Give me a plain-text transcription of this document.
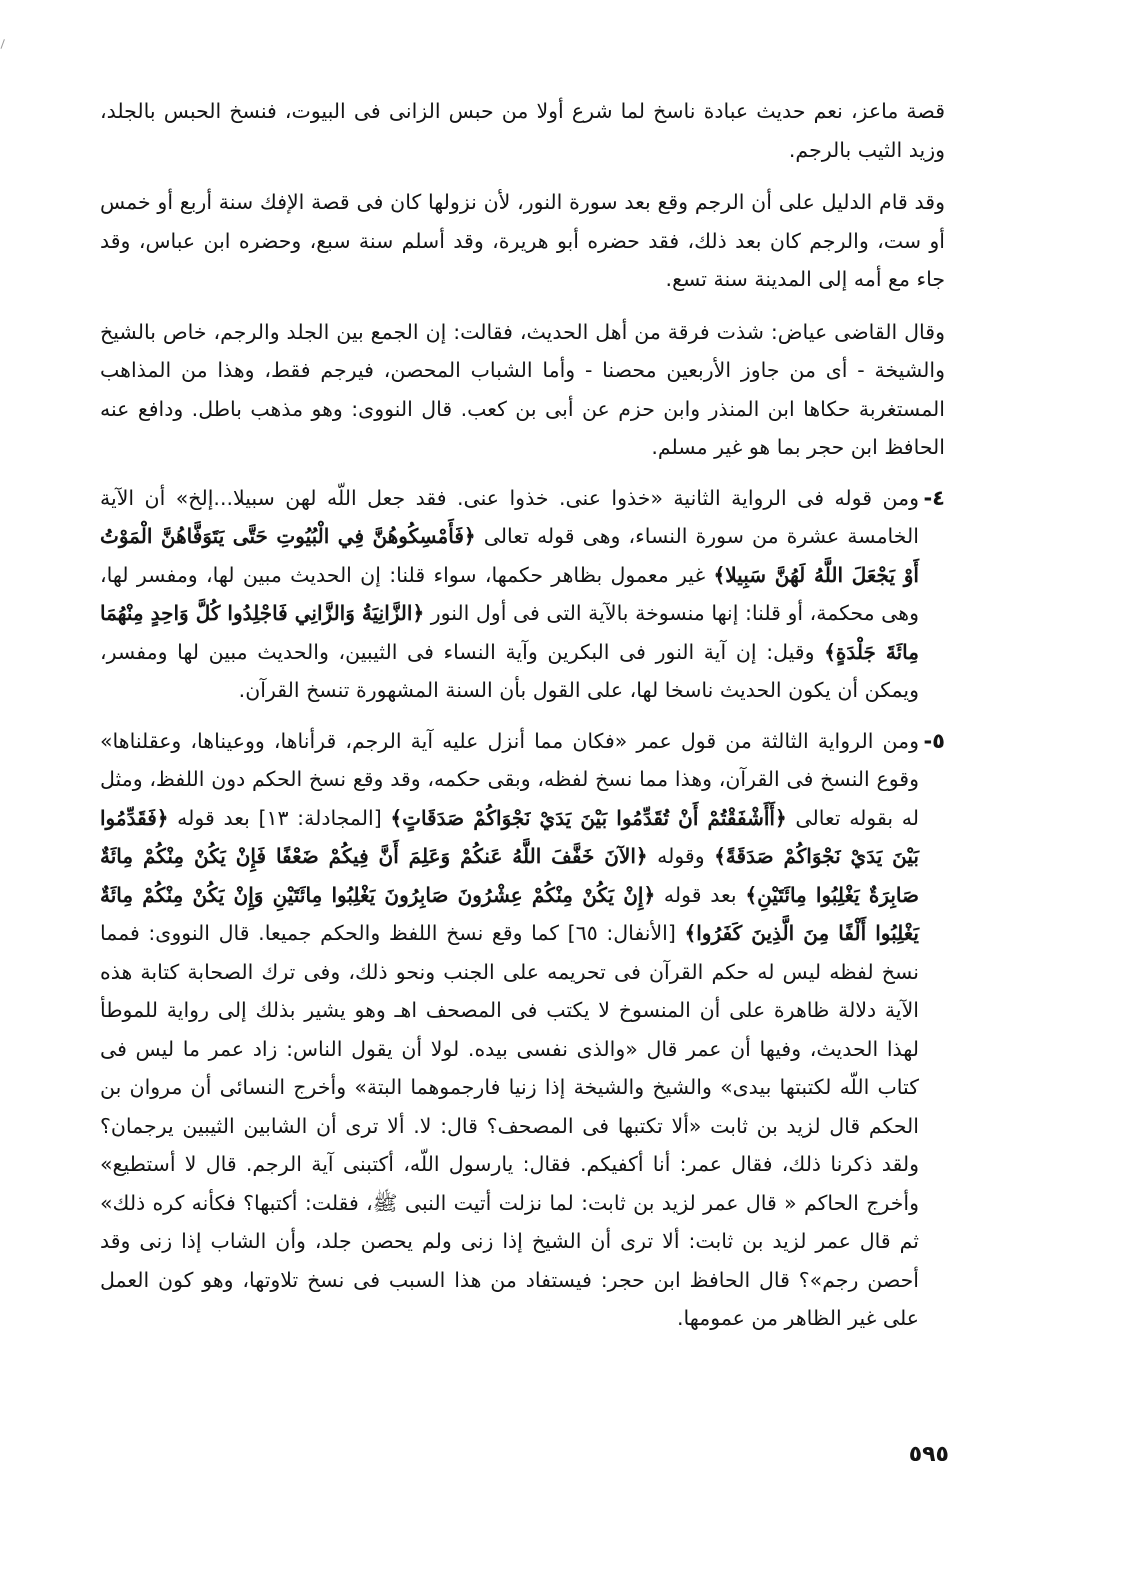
قصة ماعز، نعم حديث عبادة ناسخ لما شرع أولا من حبس الزانى فى البيوت، فنسخ الحبس بالجلد، وزيد الثيب بالرجم.

وقد قام الدليل على أن الرجم وقع بعد سورة النور، لأن نزولها كان فى قصة الإفك سنة أربع أو خمس أو ست، والرجم كان بعد ذلك، فقد حضره أبو هريرة، وقد أسلم سنة سبع، وحضره ابن عباس، وقد جاء مع أمه إلى المدينة سنة تسع.

وقال القاضى عياض: شذت فرقة من أهل الحديث، فقالت: إن الجمع بين الجلد والرجم، خاص بالشيخ والشيخة - أى من جاوز الأربعين محصنا - وأما الشباب المحصن، فيرجم فقط، وهذا من المذاهب المستغربة حكاها ابن المنذر وابن حزم عن أبى بن كعب. قال النووى: وهو مذهب باطل. ودافع عنه الحافظ ابن حجر بما هو غير مسلم.

٤-
ومن قوله فى الرواية الثانية «خذوا عنى. خذوا عنى. فقد جعل اللّه لهن سبيلا...إلخ» أن الآية الخامسة عشرة من سورة النساء، وهى قوله تعالى ﴿فَأَمْسِكُوهُنَّ فِي الْبُيُوتِ حَتَّى يَتَوَفَّاهُنَّ الْمَوْتُ أَوْ يَجْعَلَ اللَّهُ لَهُنَّ سَبِيلا﴾ غير معمول بظاهر حكمها، سواء قلنا: إن الحديث مبين لها، ومفسر لها، وهى محكمة، أو قلنا: إنها منسوخة بالآية التى فى أول النور ﴿الزَّانِيَةُ وَالزَّانِي فَاجْلِدُوا كُلَّ وَاحِدٍ مِنْهُمَا مِائَةَ جَلْدَةٍ﴾ وقيل: إن آية النور فى البكرين وآية النساء فى الثيبين، والحديث مبين لها ومفسر، ويمكن أن يكون الحديث ناسخا لها، على القول بأن السنة المشهورة تنسخ القرآن.
٥-
ومن الرواية الثالثة من قول عمر «فكان مما أنزل عليه آية الرجم، قرأناها، ووعيناها، وعقلناها» وقوع النسخ فى القرآن، وهذا مما نسخ لفظه، وبقى حكمه، وقد وقع نسخ الحكم دون اللفظ، ومثل له بقوله تعالى ﴿أَأَشْفَقْتُمْ أَنْ تُقَدِّمُوا بَيْنَ يَدَيْ نَجْوَاكُمْ صَدَقَاتٍ﴾ [المجادلة: ١٣] بعد قوله ﴿فَقَدِّمُوا بَيْنَ يَدَيْ نَجْوَاكُمْ صَدَقَةً﴾ وقوله ﴿الآنَ خَفَّفَ اللَّهُ عَنكُمْ وَعَلِمَ أَنَّ فِيكُمْ ضَعْفًا فَإِنْ يَكُنْ مِنْكُمْ مِائَةٌ صَابِرَةٌ يَغْلِبُوا مِائَتَيْنِ﴾ بعد قوله ﴿إِنْ يَكُنْ مِنْكُمْ عِشْرُونَ صَابِرُونَ يَغْلِبُوا مِائَتَيْنِ وَإِنْ يَكُنْ مِنْكُمْ مِائَةٌ يَغْلِبُوا أَلْفًا مِنَ الَّذِينَ كَفَرُوا﴾ [الأنفال: ٦٥] كما وقع نسخ اللفظ والحكم جميعا. قال النووى: فمما نسخ لفظه ليس له حكم القرآن فى تحريمه على الجنب ونحو ذلك، وفى ترك الصحابة كتابة هذه الآية دلالة ظاهرة على أن المنسوخ لا يكتب فى المصحف اهـ وهو يشير بذلك إلى رواية للموطأ لهذا الحديث، وفيها أن عمر قال «والذى نفسى بيده. لولا أن يقول الناس: زاد عمر ما ليس فى كتاب اللّه لكتبتها بيدى» والشيخ والشيخة إذا زنيا فارجموهما البتة» وأخرج النسائى أن مروان بن الحكم قال لزيد بن ثابت «ألا تكتبها فى المصحف؟ قال: لا. ألا ترى أن الشابين الثيبين يرجمان؟ ولقد ذكرنا ذلك، فقال عمر: أنا أكفيكم. فقال: يارسول اللّه، أكتبنى آية الرجم. قال لا أستطيع» وأخرج الحاكم « قال عمر لزيد بن ثابت: لما نزلت أتيت النبى ﷺ، فقلت: أكتبها؟ فكأنه كره ذلك» ثم قال عمر لزيد بن ثابت: ألا ترى أن الشيخ إذا زنى ولم يحصن جلد، وأن الشاب إذا زنى وقد أحصن رجم»؟ قال الحافظ ابن حجر: فيستفاد من هذا السبب فى نسخ تلاوتها، وهو كون العمل على غير الظاهر من عمومها.
٥٩٥
